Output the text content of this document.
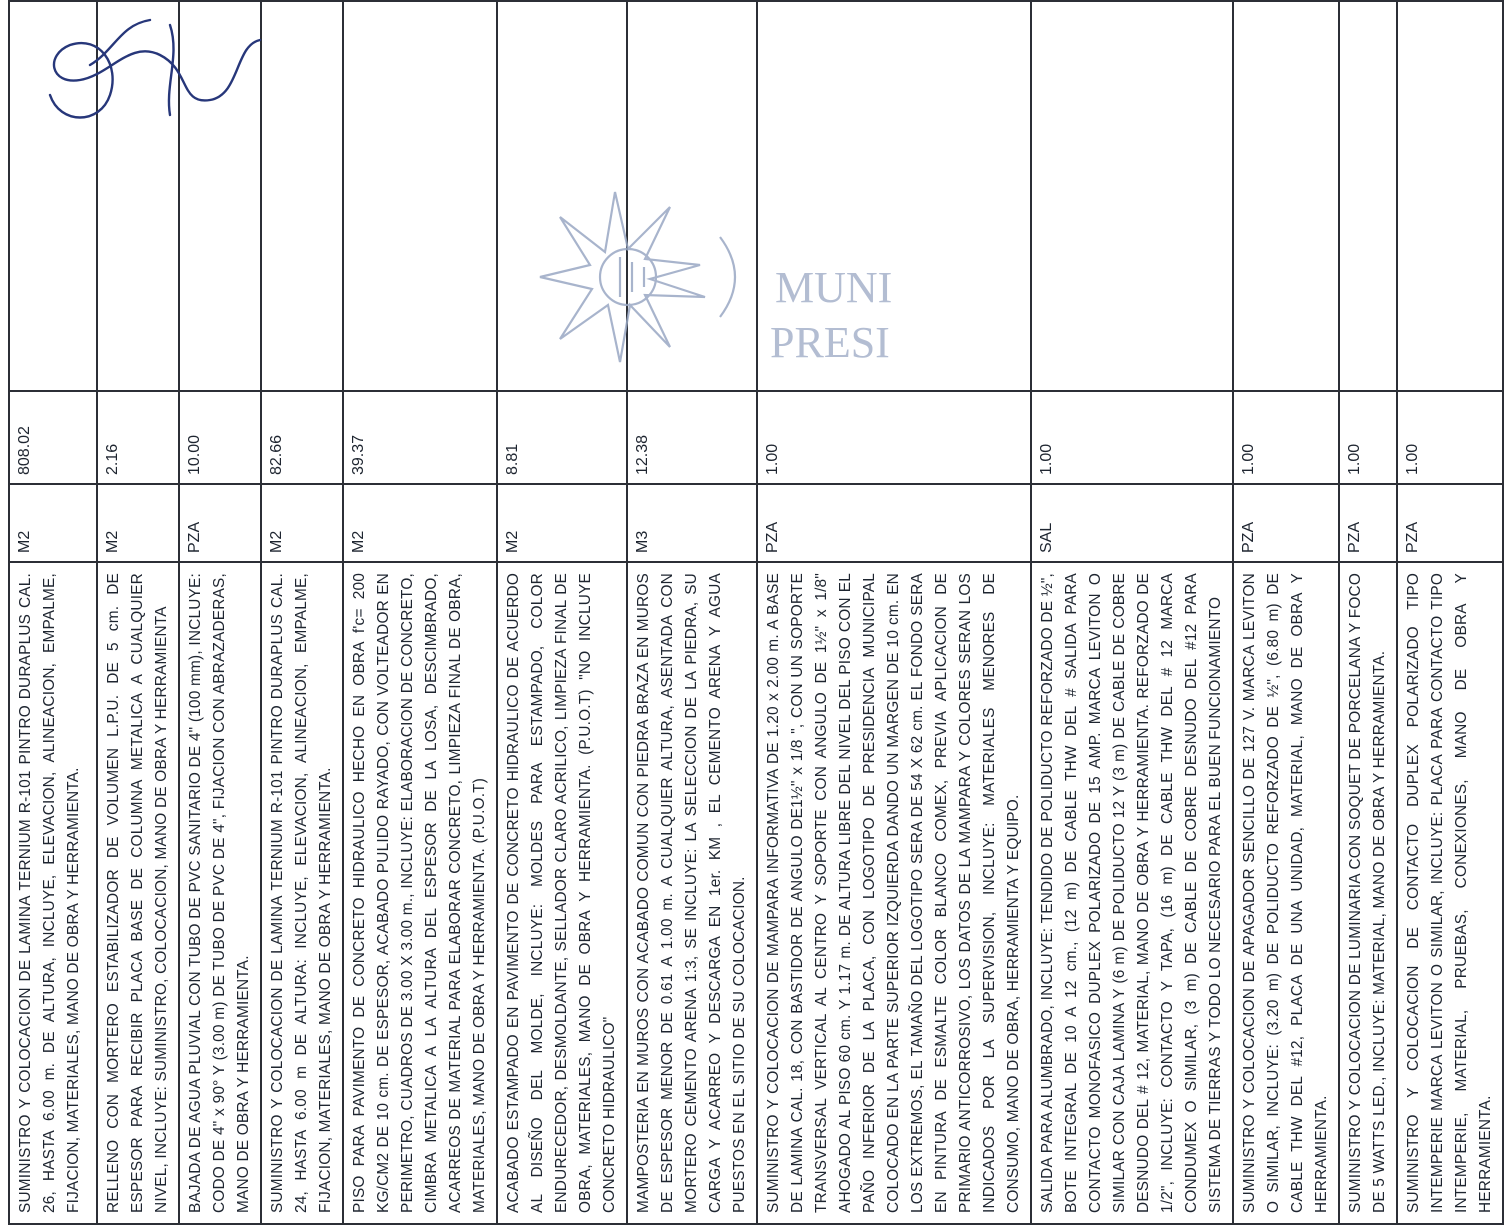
SUMINISTRO Y COLOCACION DE LAMINA TERNIUM R-101 PINTRO DURAPLUS CAL. 26, HASTA 6.00 m. DE ALTURA, INCLUYE, ELEVACION, ALINEACION, EMPALME, FIJACION, MATERIALES, MANO DE OBRA Y HERRAMIENTA.	M2	808.02	
RELLENO CON MORTERO ESTABILIZADOR DE VOLUMEN L.P.U. DE 5 cm. DE ESPESOR PARA RECIBIR PLACA BASE DE COLUMNA METALICA A CUALQUIER NIVEL, INCLUYE: SUMINISTRO, COLOCACION, MANO DE OBRA Y HERRAMIENTA	M2	2.16	
BAJADA DE AGUA PLUVIAL CON TUBO DE PVC SANITARIO DE 4" (100 mm), INCLUYE: CODO DE 4" x 90° Y (3.00 m) DE TUBO DE PVC DE 4", FIJACION CON ABRAZADERAS, MANO DE OBRA Y HERRAMIENTA.	PZA	10.00	
SUMINISTRO Y COLOCACION DE LAMINA TERNIUM R-101 PINTRO DURAPLUS CAL. 24, HASTA 6.00 m DE ALTURA: INCLUYE, ELEVACION, ALINEACION, EMPALME, FIJACION, MATERIALES, MANO DE OBRA Y HERRAMIENTA.	M2	82.66	
PISO PARA PAVIMENTO DE CONCRETO HIDRAULICO HECHO EN OBRA f'c= 200 KG/CM2 DE 10 cm. DE ESPESOR, ACABADO PULIDO RAYADO, CON VOLTEADOR EN PERIMETRO, CUADROS DE 3.00 X 3.00 m., INCLUYE: ELABORACION DE CONCRETO, CIMBRA METALICA A LA ALTURA DEL ESPESOR DE LA LOSA, DESCIMBRADO, ACARREOS DE MATERIAL PARA ELABORAR CONCRETO, LIMPIEZA FINAL DE OBRA, MATERIALES, MANO DE OBRA Y HERRAMIENTA. (P.U.O.T)	M2	39.37	
ACABADO ESTAMPADO EN PAVIMENTO DE CONCRETO HIDRAULICO DE ACUERDO AL DISEÑO DEL MOLDE, INCLUYE: MOLDES PARA ESTAMPADO, COLOR ENDURECEDOR, DESMOLDANTE, SELLADOR CLARO ACRILICO, LIMPIEZA FINAL DE OBRA, MATERIALES, MANO DE OBRA Y HERRAMIENTA. (P.U.O.T) "NO INCLUYE CONCRETO HIDRAULICO"	M2	8.81	
MAMPOSTERIA EN MUROS CON ACABADO COMUN CON PIEDRA BRAZA EN MUROS DE ESPESOR MENOR DE 0.61 A 1.00 m. A CUALQUIER ALTURA, ASENTADA CON MORTERO CEMENTO ARENA 1:3, SE INCLUYE: LA SELECCION DE LA PIEDRA, SU CARGA Y ACARREO Y DESCARGA EN 1er. KM , EL CEMENTO ARENA Y AGUA PUESTOS EN EL SITIO DE SU COLOCACION.	M3	12.38	
SUMINISTRO Y COLOCACION DE MAMPARA INFORMATIVA DE 1.20 x 2.00 m. A BASE DE LAMINA CAL. 18, CON BASTIDOR DE ANGULO DE1½" x 1/8 ", CON UN SOPORTE TRANSVERSAL VERTICAL AL CENTRO Y SOPORTE CON ANGULO DE 1½" x 1/8" AHOGADO AL PISO 60 cm. Y 1.17 m. DE ALTURA LIBRE DEL NIVEL DEL PISO CON EL PAÑO INFERIOR DE LA PLACA, CON LOGOTIPO DE PRESIDENCIA MUNICIPAL COLOCADO EN LA PARTE SUPERIOR IZQUIERDA DANDO UN MARGEN DE 10 cm. EN LOS EXTREMOS, EL TAMAÑO DEL LOGOTIPO SERA DE 54 X 62 cm. EL FONDO SERA EN PINTURA DE ESMALTE COLOR BLANCO COMEX, PREVIA APLICACION DE PRIMARIO ANTICORROSIVO, LOS DATOS DE LA MAMPARA Y COLORES SERAN LOS INDICADOS POR LA SUPERVISION, INCLUYE: MATERIALES MENORES DE CONSUMO, MANO DE OBRA, HERRAMIENTA Y EQUIPO.	PZA	1.00	
SALIDA PARA ALUMBRADO, INCLUYE: TENDIDO DE POLIDUCTO REFORZADO DE ½", BOTE INTEGRAL DE 10 A 12 cm., (12 m) DE CABLE THW DEL # SALIDA PARA CONTACTO MONOFASICO DUPLEX POLARIZADO DE 15 AMP. MARCA LEVITON O SIMILAR CON CAJA LAMINA Y (6 m) DE POLIDUCTO 12 Y (3 m) DE CABLE DE COBRE DESNUDO DEL # 12, MATERIAL, MANO DE OBRA Y HERRAMIENTA. REFORZADO DE 1/2", INCLUYE: CONTACTO Y TAPA, (16 m) DE CABLE THW DEL # 12 MARCA CONDUMEX O SIMILAR, (3 m) DE CABLE DE COBRE DESNUDO DEL #12 PARA SISTEMA DE TIERRAS Y TODO LO NECESARIO PARA EL BUEN FUNCIONAMIENTO	SAL	1.00	
SUMINISTRO Y COLOCACION DE APAGADOR SENCILLO DE 127 V. MARCA LEVITON O SIMILAR, INCLUYE: (3.20 m) DE POLIDUCTO REFORZADO DE ½", (6.80 m) DE CABLE THW DEL #12, PLACA DE UNA UNIDAD, MATERIAL, MANO DE OBRA Y HERRAMIENTA.	PZA	1.00	
SUMINISTRO Y COLOCACION DE LUMINARIA CON SOQUET DE PORCELANA Y FOCO DE 5 WATTS LED., INCLUYE: MATERIAL, MANO DE OBRA Y HERRAMIENTA.	PZA	1.00	
SUMINISTRO Y COLOCACION DE CONTACTO DUPLEX POLARIZADO TIPO INTEMPERIE MARCA LEVITON O SIMILAR, INCLUYE: PLACA PARA CONTACTO TIPO INTEMPERIE, MATERIAL, PRUEBAS, CONEXIONES, MANO DE OBRA Y HERRAMIENTA.	PZA	1.00	
PRESI
MUNI
